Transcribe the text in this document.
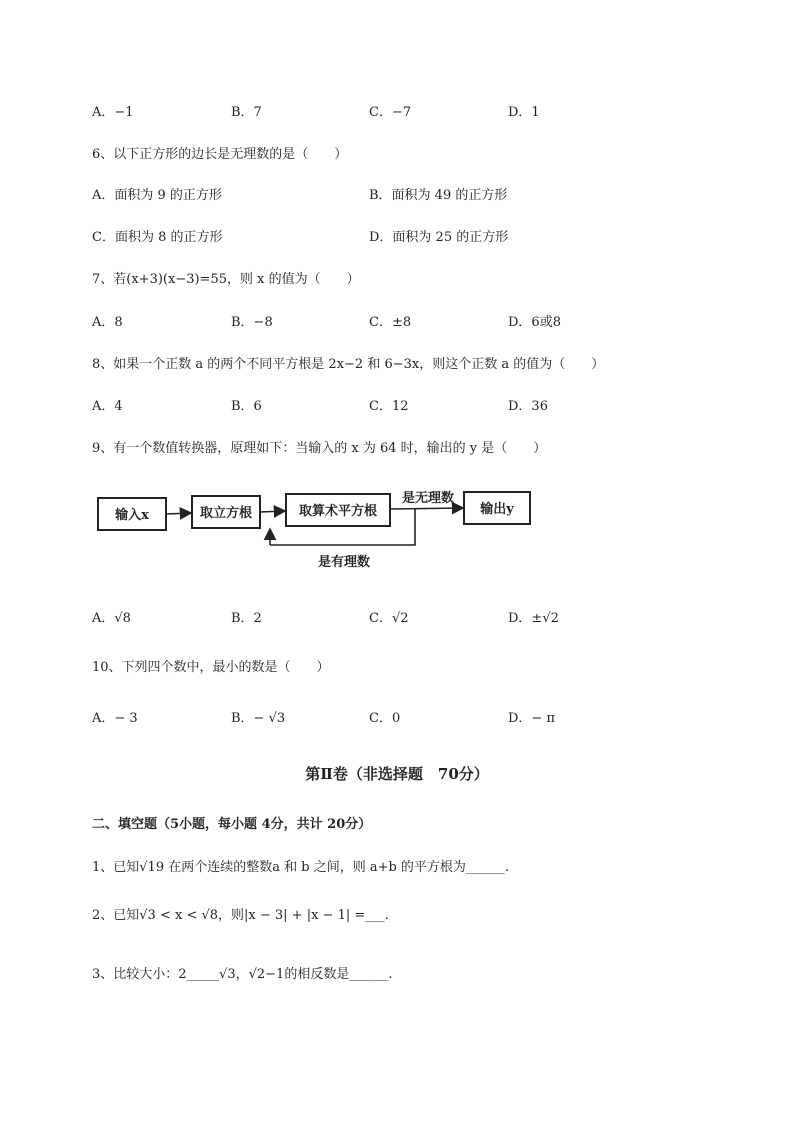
A．−1	B．7	C．−7	D．1
6、以下正方形的边长是无理数的是（　　）
A．面积为 9 的正方形	B．面积为 49 的正方形
C．面积为 8 的正方形	D．面积为 25 的正方形
7、若(x+3)(x−3)=55，则 x 的值为（　　）
A．8	B．−8	C．±8	D．6或8
8、如果一个正数 a 的两个不同平方根是 2x−2 和 6−3x，则这个正数 a 的值为（　　）
A．4	B．6	C．12	D．36
9、有一个数值转换器，原理如下：当输入的 x 为 64 时，输出的 y 是（　　）
输入x	取立方根	取算术平方根	输出y
是无理数
是有理数
A．√8	B．2	C．√2	D．±√2
10、下列四个数中，最小的数是（　　）
A．− 3	B．− √3	C．0	D．− π
第Ⅱ卷（非选择题　70分）
二、填空题（5小题，每小题 4分，共计 20分）
1、已知√19 在两个连续的整数a 和 b 之间，则 a+b 的平方根为______.
2、已知√3 < x < √8，则|x − 3| + |x − 1| =___.
3、比较大小：2_____√3，√2−1的相反数是______.
